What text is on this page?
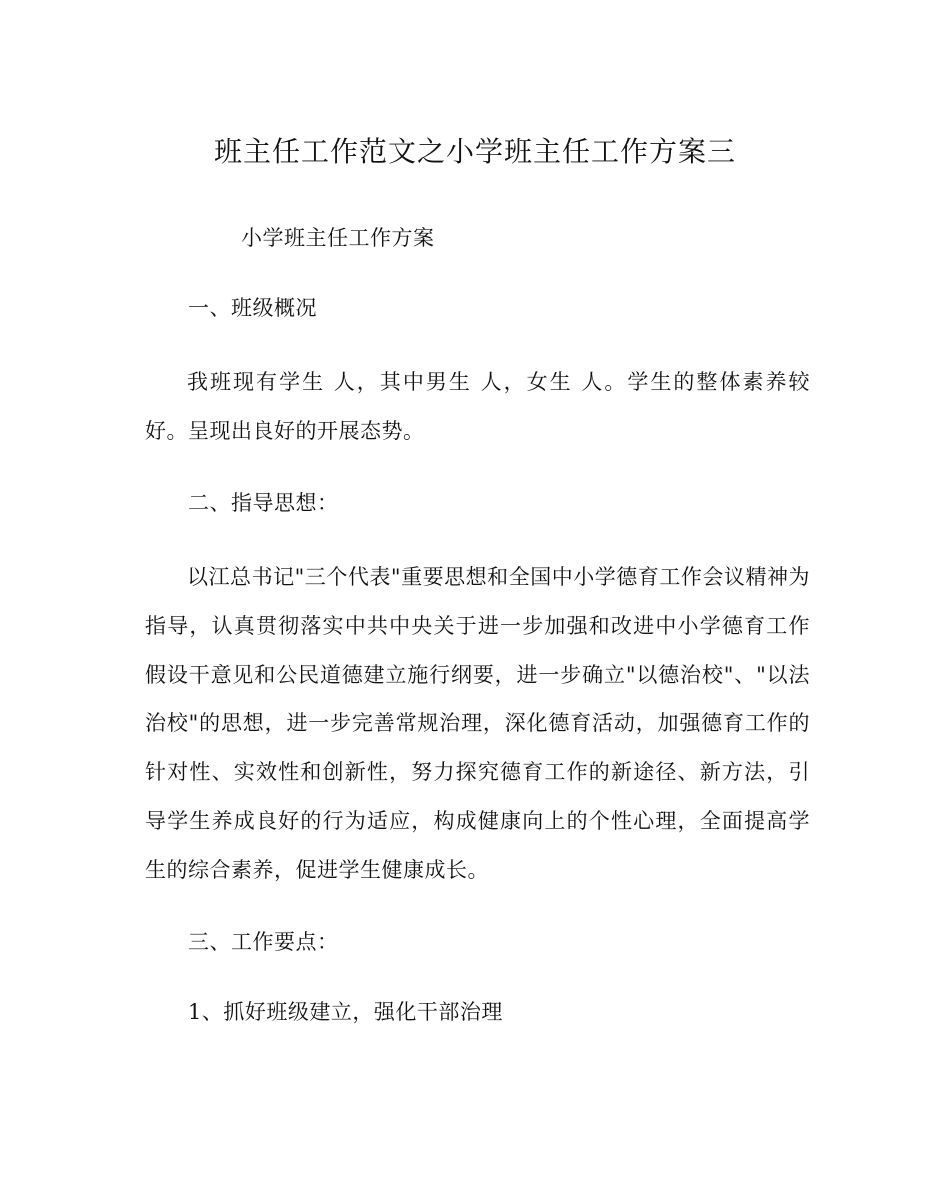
班主任工作范文之小学班主任工作方案三
小学班主任工作方案
一、班级概况
我班现有学生 人，其中男生 人，女生 人。学生的整体素养较好。呈现出良好的开展态势。
二、指导思想：
以江总书记"三个代表"重要思想和全国中小学德育工作会议精神为指导，认真贯彻落实中共中央关于进一步加强和改进中小学德育工作假设干意见和公民道德建立施行纲要，进一步确立"以德治校"、"以法治校"的思想，进一步完善常规治理，深化德育活动，加强德育工作的针对性、实效性和创新性，努力探究德育工作的新途径、新方法，引导学生养成良好的行为适应，构成健康向上的个性心理，全面提高学生的综合素养，促进学生健康成长。
三、工作要点：
1、抓好班级建立，强化干部治理
